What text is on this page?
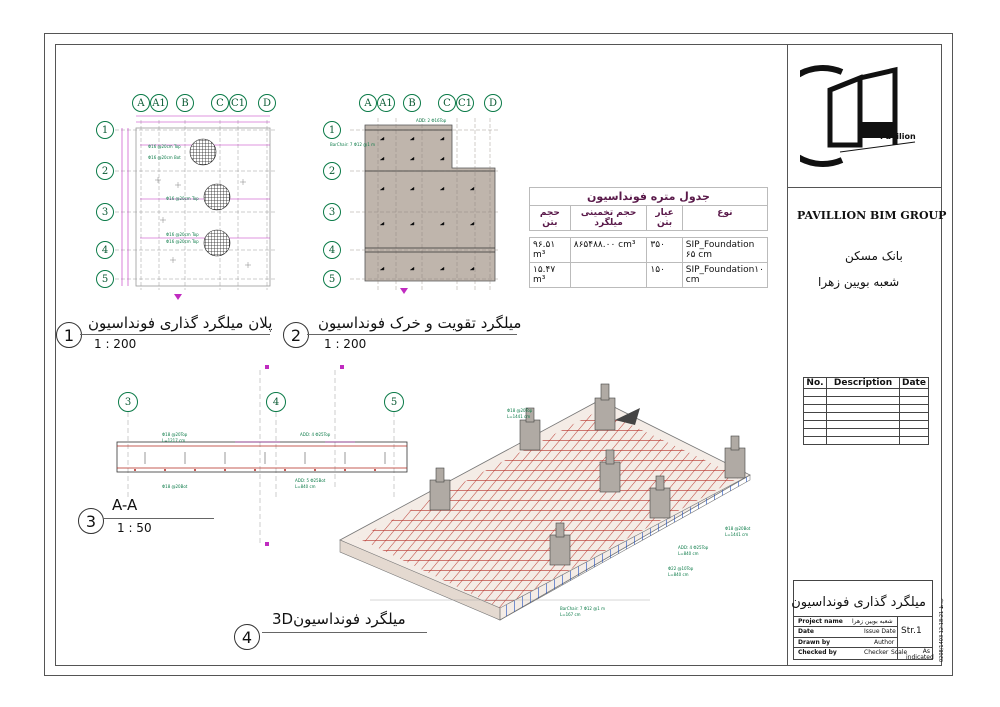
A A1	B	C C1	D
1
2
3
4
5
Φ16 @20cm Top
Φ16 @20cm Bot
Φ16 @20cm Top
Φ16 @20cm Top
Φ16 @20cm Top
1
پلان میلگرد گذاری فونداسیون
1 : 200
A A1	B	C C1	D
1
2
3
4
5
ADD: 2 Φ16Top
BarChair: 7 Φ12 @1 m
2
میلگرد تقویت و خرک فونداسیون
1 : 200
جدول متره فونداسیون			
حجم بتن	حجم تخمینی میلگرد	عیار بتن	نوع

۹۶.۵۱ m³	۸۶۵۴۸۸.۰۰ cm³	۳۵۰	SIP_Foundation ۶۵ cm
۱۵.۴۷ m³		۱۵۰	SIP_Foundation۱۰ cm
3	4	5
Φ18 @20Top
L=1217 cm
ADD: 4 Φ25Top
Φ18 @20Bot
ADD: 5 Φ25Bot
L=840 cm
3
A-A
1 : 50
Φ18 @20Top
L=1441 cm
Φ18 @20Bot
L=1441 cm
ADD: 4 Φ25Top
L=840 cm
Φ22 @10Top
L=840 cm
BarChair: 7 Φ12 @1 m
L=167 cm
4
میلگرد فونداسیون3D
Pavilion
PAVILLION BIM GROUP
بانک مسکن
شعبه بویین زهرا
No.	Description	Date

میلگرد گذاری فونداسیون
Project name شعبه بویین زهرا
Date	Issue Date
Drawn by	Author
Checked by	Checker
Str.1
Scale	As indicated 0208/1403 12:18:21 ب.ظ
